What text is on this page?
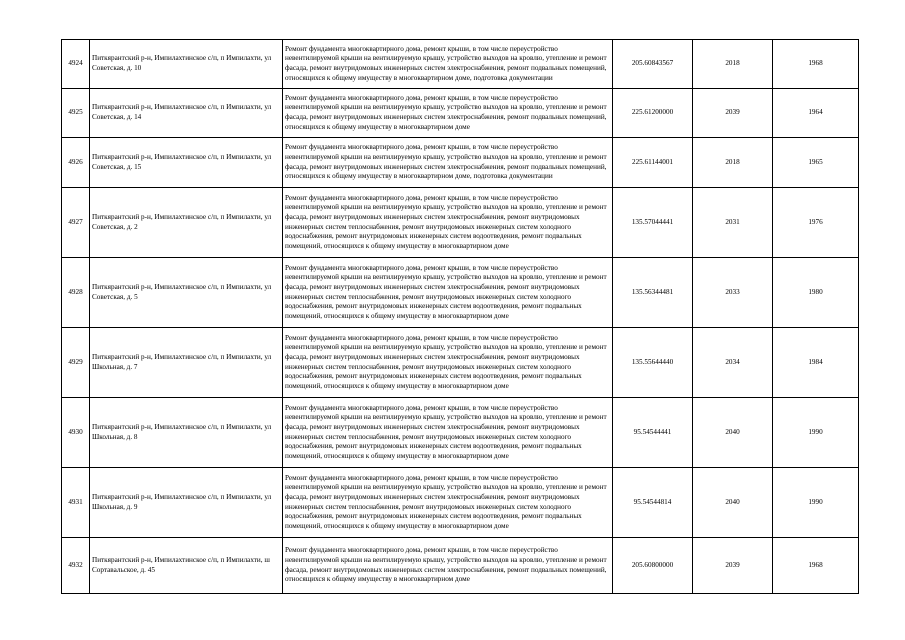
4924	Питкярантский р-н, Импилахтинское с/п, п Импилахти, ул Советская, д. 10	Ремонт фундамента многоквартирного дома, ремонт крыши, в том числе переустройство невентилируемой крыши на вентилируемую крышу, устройство выходов на кровлю, утепление и ремонт фасада, ремонт внутридомовых инженерных систем электроснабжения, ремонт подвальных помещений, относящихся к общему имуществу в многоквартирном доме, подготовка документации	205.60843567	2018	1968
4925	Питкярантский р-н, Импилахтинское с/п, п Импилахти, ул Советская, д. 14	Ремонт фундамента многоквартирного дома, ремонт крыши, в том числе переустройство невентилируемой крыши на вентилируемую крышу, устройство выходов на кровлю, утепление и ремонт фасада, ремонт внутридомовых инженерных систем электроснабжения, ремонт подвальных помещений, относящихся к общему имуществу в многоквартирном доме	225.61200000	2039	1964
4926	Питкярантский р-н, Импилахтинское с/п, п Импилахти, ул Советская, д. 15	Ремонт фундамента многоквартирного дома, ремонт крыши, в том числе переустройство невентилируемой крыши на вентилируемую крышу, устройство выходов на кровлю, утепление и ремонт фасада, ремонт внутридомовых инженерных систем электроснабжения, ремонт подвальных помещений, относящихся к общему имуществу в многоквартирном доме, подготовка документации	225.61144001	2018	1965
4927	Питкярантский р-н, Импилахтинское с/п, п Импилахти, ул Советская, д. 2	Ремонт фундамента многоквартирного дома, ремонт крыши, в том числе переустройство невентилируемой крыши на вентилируемую крышу, устройство выходов на кровлю, утепление и ремонт фасада, ремонт внутридомовых инженерных систем электроснабжения, ремонт внутридомовых инженерных систем теплоснабжения, ремонт внутридомовых инженерных систем холодного водоснабжения, ремонт внутридомовых инженерных систем водоотведения, ремонт подвальных помещений, относящихся к общему имуществу в многоквартирном доме	135.57044441	2031	1976
4928	Питкярантский р-н, Импилахтинское с/п, п Импилахти, ул Советская, д. 5	Ремонт фундамента многоквартирного дома, ремонт крыши, в том числе переустройство невентилируемой крыши на вентилируемую крышу, устройство выходов на кровлю, утепление и ремонт фасада, ремонт внутридомовых инженерных систем электроснабжения, ремонт внутридомовых инженерных систем теплоснабжения, ремонт внутридомовых инженерных систем холодного водоснабжения, ремонт внутридомовых инженерных систем водоотведения, ремонт подвальных помещений, относящихся к общему имуществу в многоквартирном доме	135.56344481	2033	1980
4929	Питкярантский р-н, Импилахтинское с/п, п Импилахти, ул Школьная, д. 7	Ремонт фундамента многоквартирного дома, ремонт крыши, в том числе переустройство невентилируемой крыши на вентилируемую крышу, устройство выходов на кровлю, утепление и ремонт фасада, ремонт внутридомовых инженерных систем электроснабжения, ремонт внутридомовых инженерных систем теплоснабжения, ремонт внутридомовых инженерных систем холодного водоснабжения, ремонт внутридомовых инженерных систем водоотведения, ремонт подвальных помещений, относящихся к общему имуществу в многоквартирном доме	135.55644440	2034	1984
4930	Питкярантский р-н, Импилахтинское с/п, п Импилахти, ул Школьная, д. 8	Ремонт фундамента многоквартирного дома, ремонт крыши, в том числе переустройство невентилируемой крыши на вентилируемую крышу, устройство выходов на кровлю, утепление и ремонт фасада, ремонт внутридомовых инженерных систем электроснабжения, ремонт внутридомовых инженерных систем теплоснабжения, ремонт внутридомовых инженерных систем холодного водоснабжения, ремонт внутридомовых инженерных систем водоотведения, ремонт подвальных помещений, относящихся к общему имуществу в многоквартирном доме	95.54544441	2040	1990
4931	Питкярантский р-н, Импилахтинское с/п, п Импилахти, ул Школьная, д. 9	Ремонт фундамента многоквартирного дома, ремонт крыши, в том числе переустройство невентилируемой крыши на вентилируемую крышу, устройство выходов на кровлю, утепление и ремонт фасада, ремонт внутридомовых инженерных систем электроснабжения, ремонт внутридомовых инженерных систем теплоснабжения, ремонт внутридомовых инженерных систем холодного водоснабжения, ремонт внутридомовых инженерных систем водоотведения, ремонт подвальных помещений, относящихся к общему имуществу в многоквартирном доме	95.54544814	2040	1990
4932	Питкярантский р-н, Импилахтинское с/п, п Импилахти, ш Сортавальское, д. 45	Ремонт фундамента многоквартирного дома, ремонт крыши, в том числе переустройство невентилируемой крыши на вентилируемую крышу, устройство выходов на кровлю, утепление и ремонт фасада, ремонт внутридомовых инженерных систем электроснабжения, ремонт подвальных помещений, относящихся к общему имуществу в многоквартирном доме	205.60800000	2039	1968
